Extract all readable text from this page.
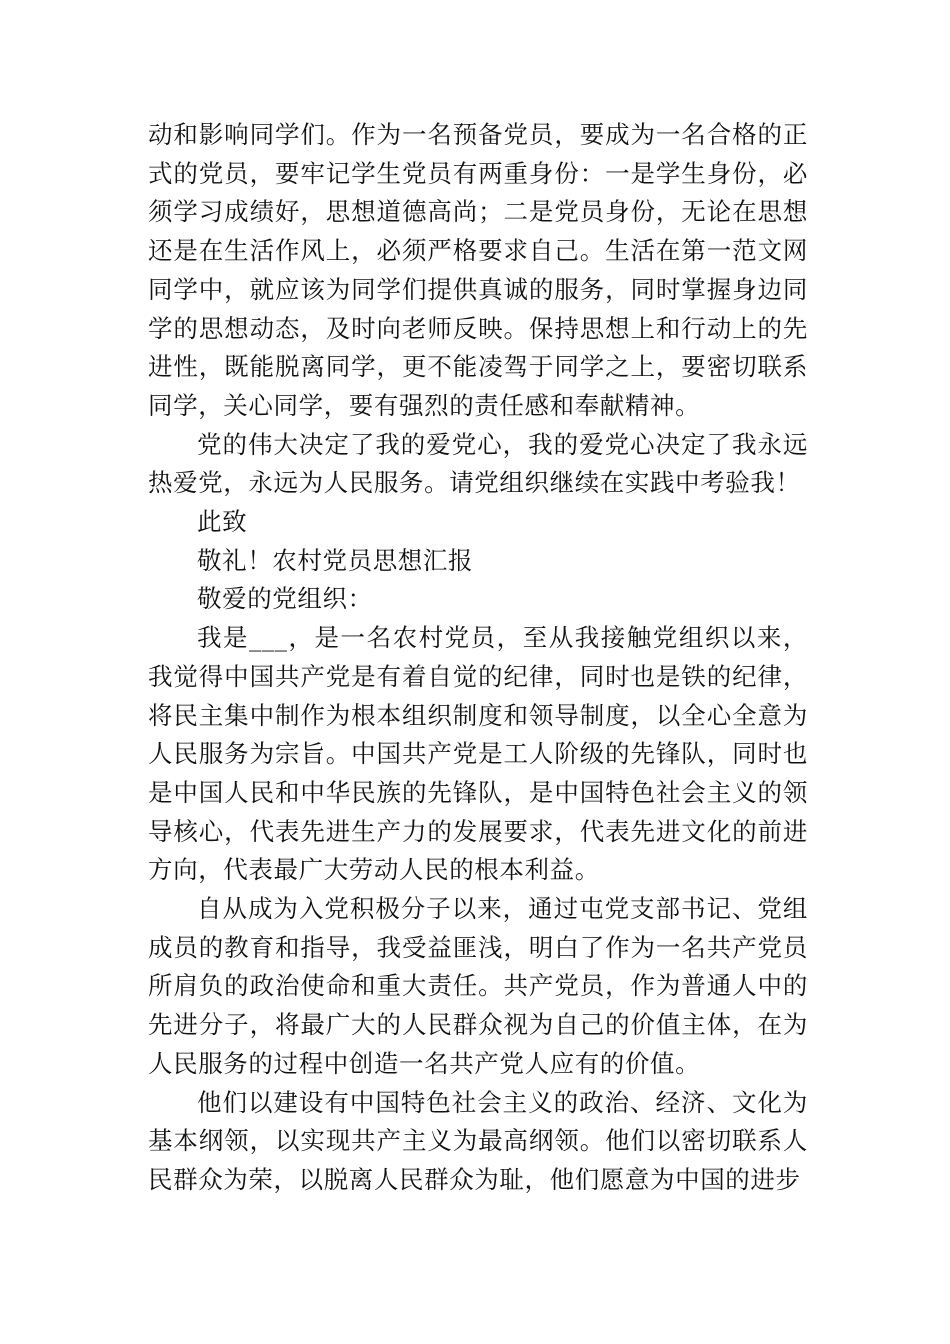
动和影响同学们。作为一名预备党员，要成为一名合格的正式的党员，要牢记学生党员有两重身份：一是学生身份，必须学习成绩好，思想道德高尚；二是党员身份，无论在思想还是在生活作风上，必须严格要求自己。生活在第一范文网同学中，就应该为同学们提供真诚的服务，同时掌握身边同学的思想动态，及时向老师反映。保持思想上和行动上的先进性，既能脱离同学，更不能凌驾于同学之上，要密切联系同学，关心同学，要有强烈的责任感和奉献精神。

党的伟大决定了我的爱党心，我的爱党心决定了我永远热爱党，永远为人民服务。请党组织继续在实践中考验我！

此致

敬礼！农村党员思想汇报

敬爱的党组织：

我是___，是一名农村党员，至从我接触党组织以来，我觉得中国共产党是有着自觉的纪律，同时也是铁的纪律，将民主集中制作为根本组织制度和领导制度，以全心全意为人民服务为宗旨。中国共产党是工人阶级的先锋队，同时也是中国人民和中华民族的先锋队，是中国特色社会主义的领导核心，代表先进生产力的发展要求，代表先进文化的前进方向，代表最广大劳动人民的根本利益。

自从成为入党积极分子以来，通过屯党支部书记、党组成员的教育和指导，我受益匪浅，明白了作为一名共产党员所肩负的政治使命和重大责任。共产党员，作为普通人中的先进分子，将最广大的人民群众视为自己的价值主体，在为人民服务的过程中创造一名共产党人应有的价值。

他们以建设有中国特色社会主义的政治、经济、文化为基本纲领，以实现共产主义为最高纲领。他们以密切联系人民群众为荣，以脱离人民群众为耻，他们愿意为中国的进步
